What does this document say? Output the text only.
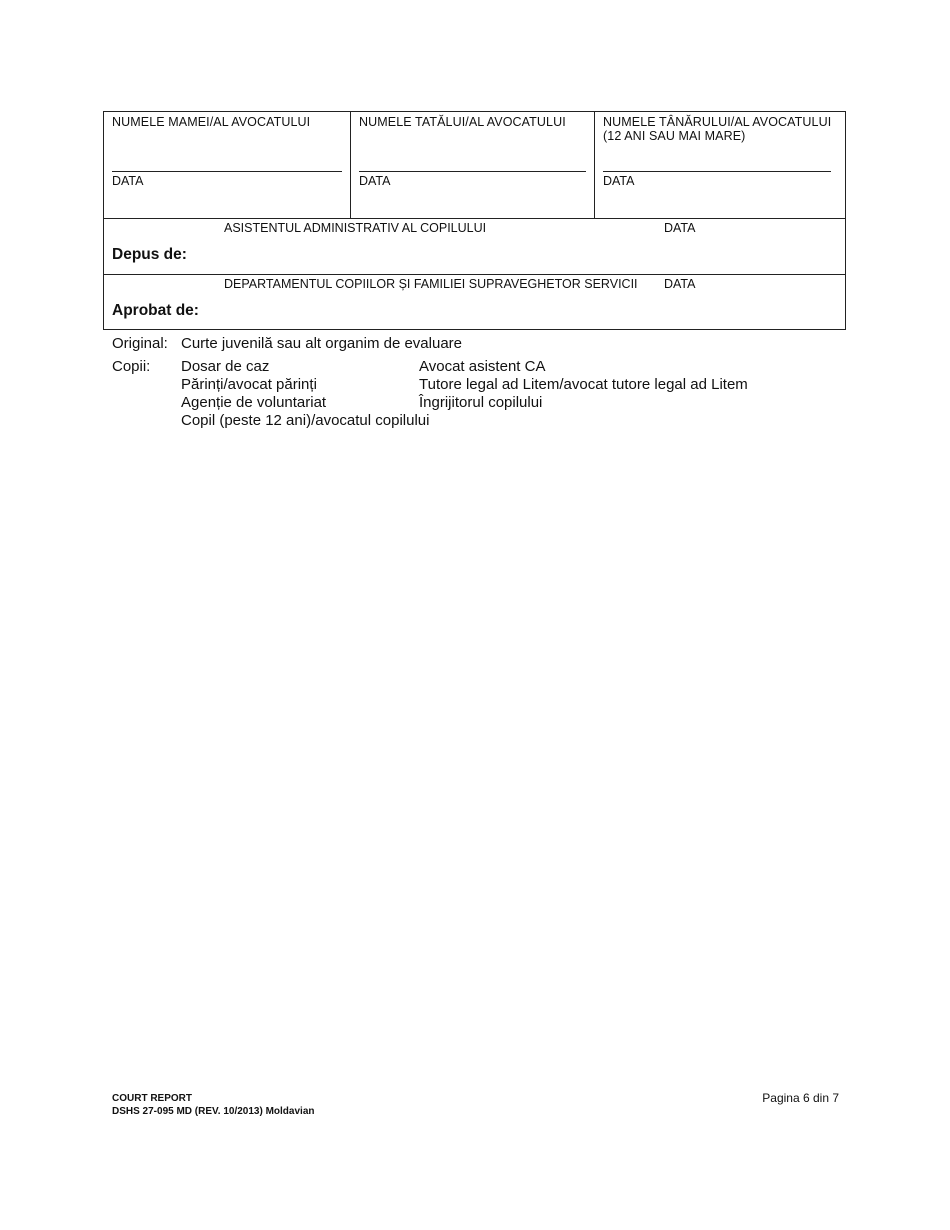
NUMELE MAMEI/AL AVOCATULUI
DATA
NUMELE TATĂLUI/AL AVOCATULUI
DATA
NUMELE TÂNĂRULUI/AL AVOCATULUI
(12 ANI SAU MAI MARE)
DATA
ASISTENTUL ADMINISTRATIV AL COPILULUI	DATA
Depus de:
DEPARTAMENTUL COPIILOR ȘI FAMILIEI SUPRAVEGHETOR SERVICII DATA
Aprobat de:
Original: Curte juvenilă sau alt organim de evaluare
Copii: Dosar de caz
Părinți/avocat părinți
Agenție de voluntariat
Copil (peste 12 ani)/avocatul copilului
Avocat asistent CA
Tutore legal ad Litem/avocat tutore legal ad Litem
Îngrijitorul copilului
COURT REPORT
DSHS 27-095 MD (REV. 10/2013) Moldavian
Pagina 6 din 7
